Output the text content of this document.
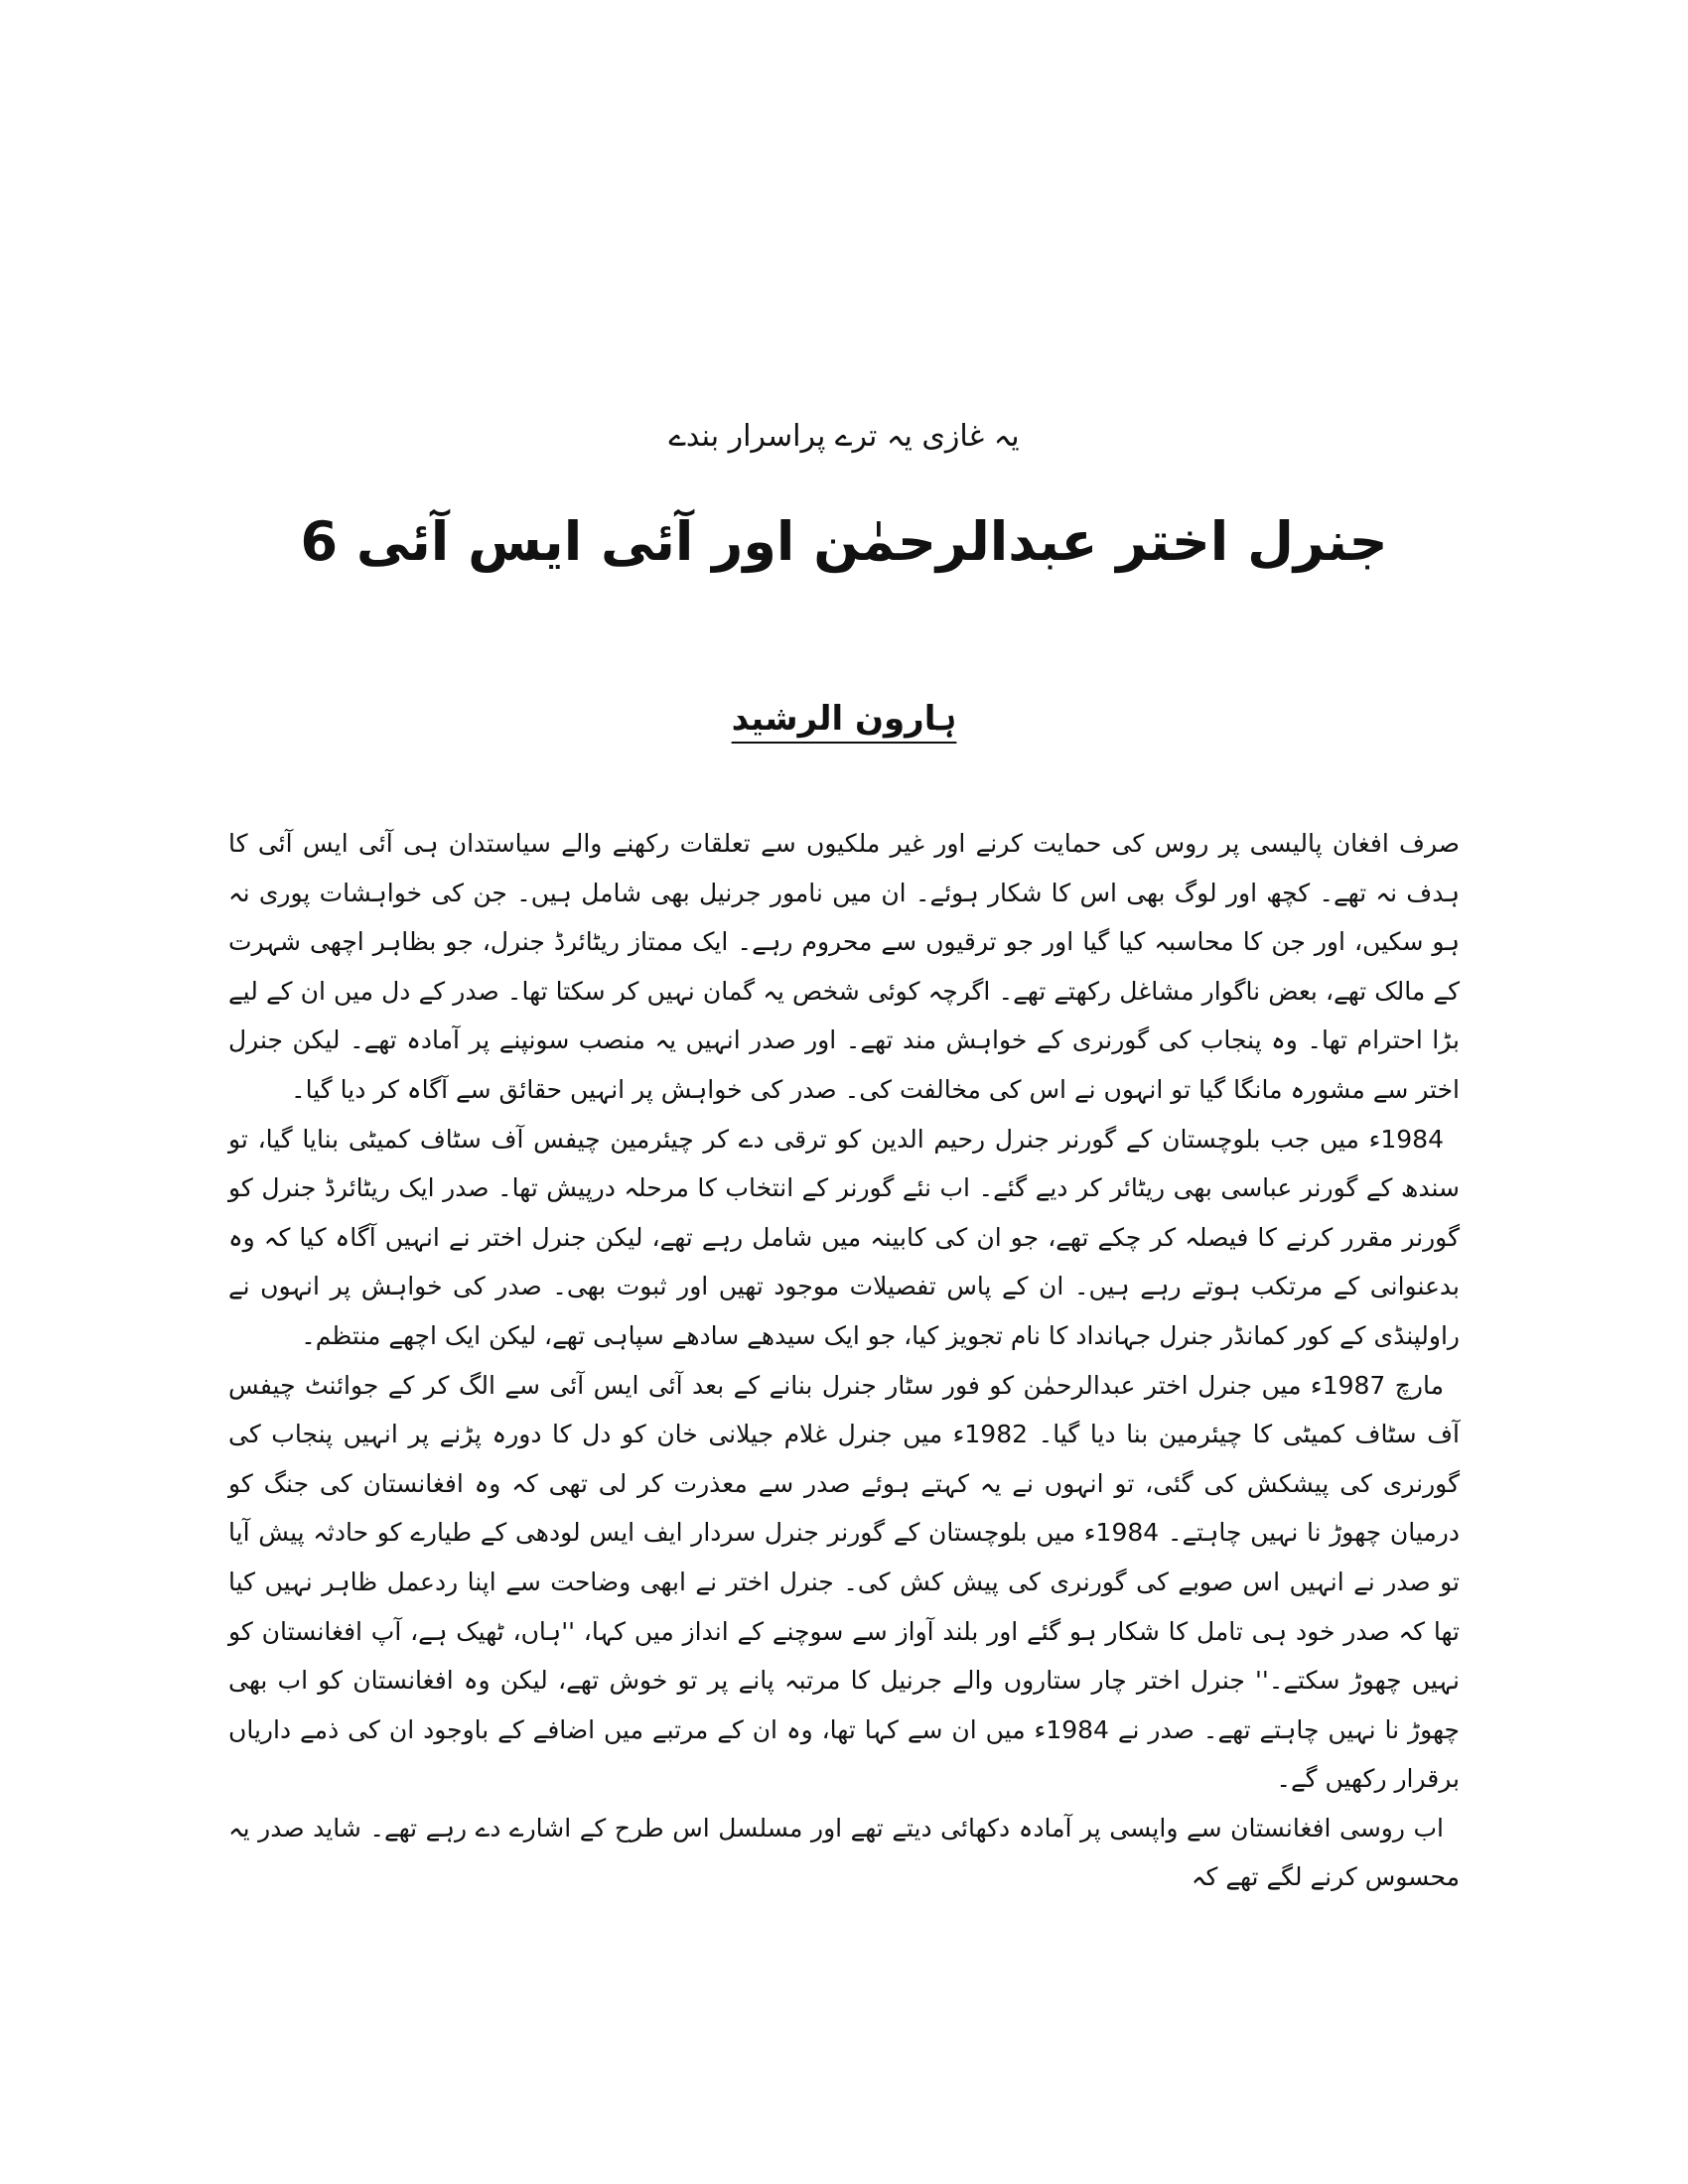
یہ غازی یہ ترے پراسرار بندے
جنرل اختر عبدالرحمٰن اور آئی ایس آئی 6
ہارون الرشید

صرف افغان پالیسی پر روس کی حمایت کرنے اور غیر ملکیوں سے تعلقات رکھنے والے سیاستدان ہی آئی ایس آئی کا ہدف نہ تھے۔ کچھ اور لوگ بھی اس کا شکار ہوئے۔ ان میں نامور جرنیل بھی شامل ہیں۔ جن کی خواہشات پوری نہ ہو سکیں، اور جن کا محاسبہ کیا گیا اور جو ترقیوں سے محروم رہے۔ ایک ممتاز ریٹائرڈ جنرل، جو بظاہر اچھی شہرت کے مالک تھے، بعض ناگوار مشاغل رکھتے تھے۔ اگرچہ کوئی شخص یہ گمان نہیں کر سکتا تھا۔ صدر کے دل میں ان کے لیے بڑا احترام تھا۔ وہ پنجاب کی گورنری کے خواہش مند تھے۔ اور صدر انہیں یہ منصب سونپنے پر آمادہ تھے۔ لیکن جنرل اختر سے مشورہ مانگا گیا تو انہوں نے اس کی مخالفت کی۔ صدر کی خواہش پر انہیں حقائق سے آگاہ کر دیا گیا۔

1984ء میں جب بلوچستان کے گورنر جنرل رحیم الدین کو ترقی دے کر چیئرمین چیفس آف سٹاف کمیٹی بنایا گیا، تو سندھ کے گورنر عباسی بھی ریٹائر کر دیے گئے۔ اب نئے گورنر کے انتخاب کا مرحلہ درپیش تھا۔ صدر ایک ریٹائرڈ جنرل کو گورنر مقرر کرنے کا فیصلہ کر چکے تھے، جو ان کی کابینہ میں شامل رہے تھے، لیکن جنرل اختر نے انہیں آگاہ کیا کہ وہ بدعنوانی کے مرتکب ہوتے رہے ہیں۔ ان کے پاس تفصیلات موجود تھیں اور ثبوت بھی۔ صدر کی خواہش پر انہوں نے راولپنڈی کے کور کمانڈر جنرل جہانداد کا نام تجویز کیا، جو ایک سیدھے سادھے سپاہی تھے، لیکن ایک اچھے منتظم۔

مارچ 1987ء میں جنرل اختر عبدالرحمٰن کو فور سٹار جنرل بنانے کے بعد آئی ایس آئی سے الگ کر کے جوائنٹ چیفس آف سٹاف کمیٹی کا چیئرمین بنا دیا گیا۔ 1982ء میں جنرل غلام جیلانی خان کو دل کا دورہ پڑنے پر انہیں پنجاب کی گورنری کی پیشکش کی گئی، تو انہوں نے یہ کہتے ہوئے صدر سے معذرت کر لی تھی کہ وہ افغانستان کی جنگ کو درمیان چھوڑ نا نہیں چاہتے۔ 1984ء میں بلوچستان کے گورنر جنرل سردار ایف ایس لودھی کے طیارے کو حادثہ پیش آیا تو صدر نے انہیں اس صوبے کی گورنری کی پیش کش کی۔ جنرل اختر نے ابھی وضاحت سے اپنا ردعمل ظاہر نہیں کیا تھا کہ صدر خود ہی تامل کا شکار ہو گئے اور بلند آواز سے سوچنے کے انداز میں کہا، ''ہاں، ٹھیک ہے، آپ افغانستان کو نہیں چھوڑ سکتے۔'' جنرل اختر چار ستاروں والے جرنیل کا مرتبہ پانے پر تو خوش تھے، لیکن وہ افغانستان کو اب بھی چھوڑ نا نہیں چاہتے تھے۔ صدر نے 1984ء میں ان سے کہا تھا، وہ ان کے مرتبے میں اضافے کے باوجود ان کی ذمے داریاں برقرار رکھیں گے۔

اب روسی افغانستان سے واپسی پر آمادہ دکھائی دیتے تھے اور مسلسل اس طرح کے اشارے دے رہے تھے۔ شاید صدر یہ محسوس کرنے لگے تھے کہ
